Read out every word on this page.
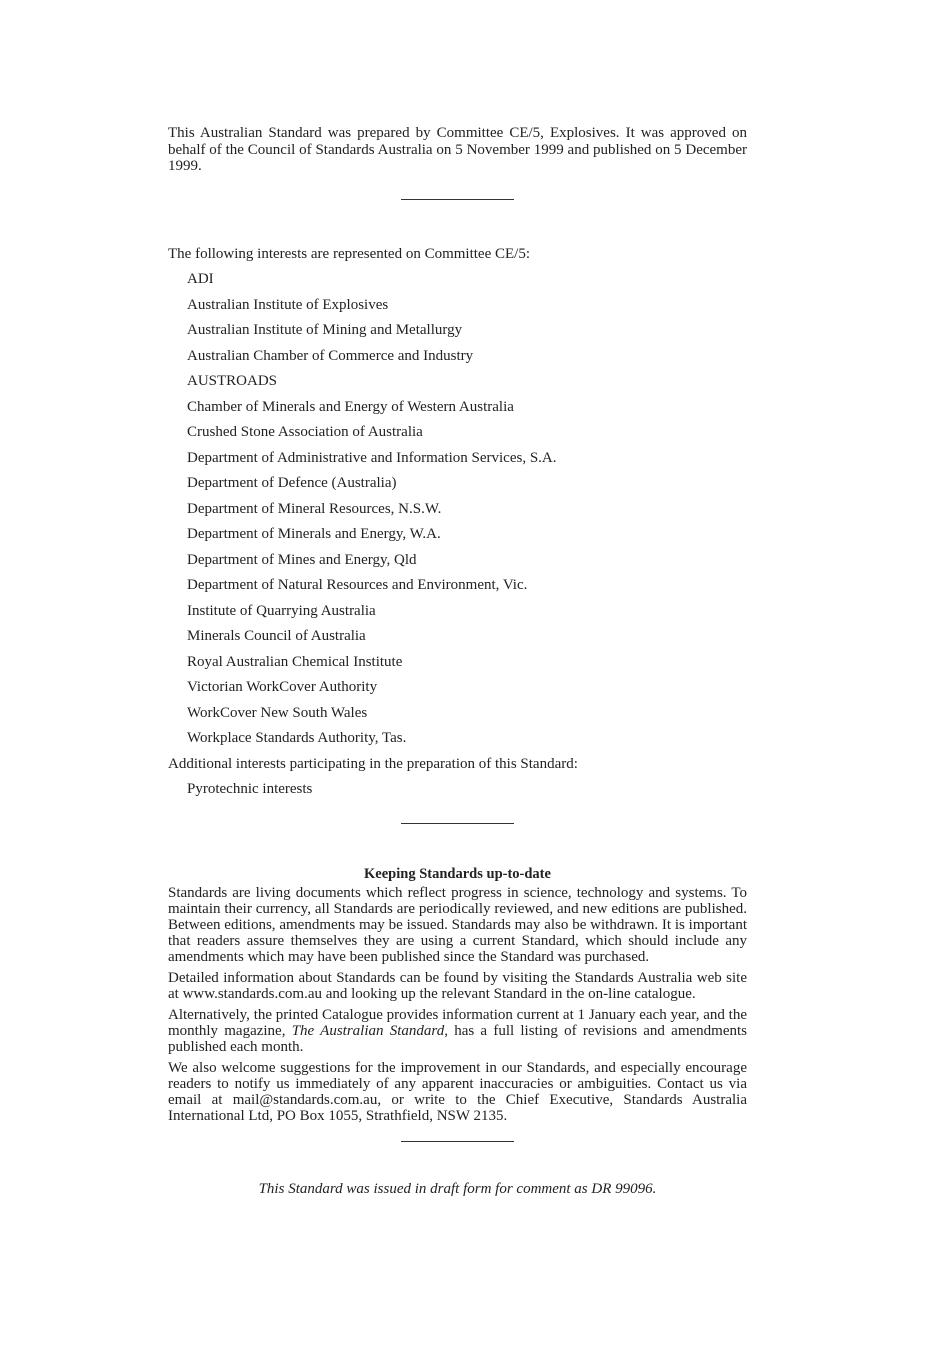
This Australian Standard was prepared by Committee CE/5, Explosives. It was approved on behalf of the Council of Standards Australia on 5 November 1999 and published on 5 December 1999.

The following interests are represented on Committee CE/5:

ADI
Australian Institute of Explosives
Australian Institute of Mining and Metallurgy
Australian Chamber of Commerce and Industry
AUSTROADS
Chamber of Minerals and Energy of Western Australia
Crushed Stone Association of Australia
Department of Administrative and Information Services, S.A.
Department of Defence (Australia)
Department of Mineral Resources, N.S.W.
Department of Minerals and Energy, W.A.
Department of Mines and Energy, Qld
Department of Natural Resources and Environment, Vic.
Institute of Quarrying Australia
Minerals Council of Australia
Royal Australian Chemical Institute
Victorian WorkCover Authority
WorkCover New South Wales
Workplace Standards Authority, Tas.

Additional interests participating in the preparation of this Standard:

Pyrotechnic interests
Keeping Standards up-to-date

Standards are living documents which reflect progress in science, technology and systems. To maintain their currency, all Standards are periodically reviewed, and new editions are published. Between editions, amendments may be issued. Standards may also be withdrawn. It is important that readers assure themselves they are using a current Standard, which should include any amendments which may have been published since the Standard was purchased.

Detailed information about Standards can be found by visiting the Standards Australia web site at www.standards.com.au and looking up the relevant Standard in the on-line catalogue.

Alternatively, the printed Catalogue provides information current at 1 January each year, and the monthly magazine, The Australian Standard, has a full listing of revisions and amendments published each month.

We also welcome suggestions for the improvement in our Standards, and especially encourage readers to notify us immediately of any apparent inaccuracies or ambiguities. Contact us via email at mail@standards.com.au, or write to the Chief Executive, Standards Australia International Ltd, PO Box 1055, Strathfield, NSW 2135.

This Standard was issued in draft form for comment as DR 99096.
